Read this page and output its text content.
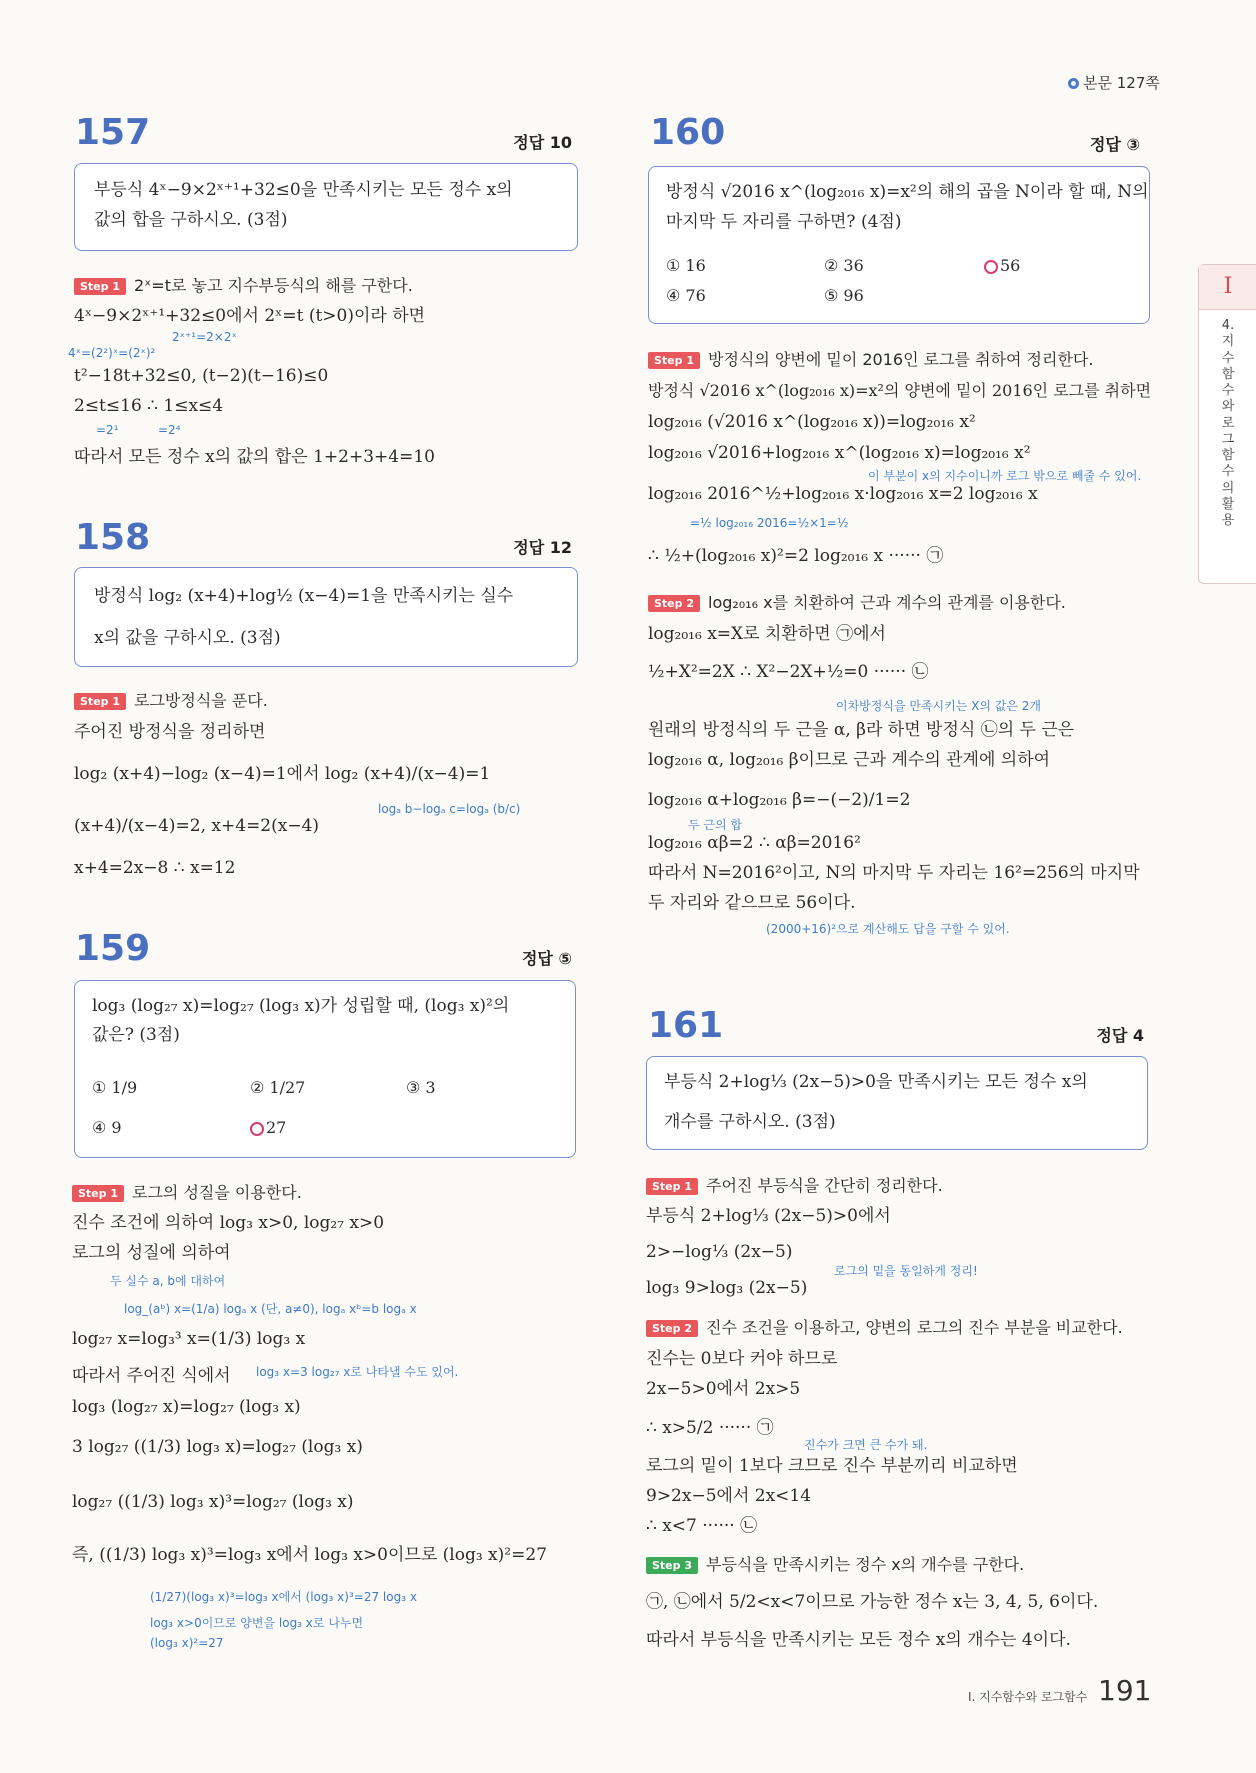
본문 127쪽
I
4.지수함수와로그함수의활용
157	정답 10
부등식 4ˣ−9×2ˣ⁺¹+32≤0을 만족시키는 모든 정수 x의
값의 합을 구하시오. (3점)
Step 1 2ˣ=t로 놓고 지수부등식의 해를 구한다.
4ˣ−9×2ˣ⁺¹+32≤0에서 2ˣ=t (t>0)이라 하면
2ˣ⁺¹=2×2ˣ
4ˣ=(2²)ˣ=(2ˣ)²
t²−18t+32≤0, (t−2)(t−16)≤0
2≤t≤16 ∴ 1≤x≤4
=2¹	=2⁴
따라서 모든 정수 x의 값의 합은 1+2+3+4=10
158	정답 12
방정식 log₂ (x+4)+log½ (x−4)=1을 만족시키는 실수
x의 값을 구하시오. (3점)
Step 1 로그방정식을 푼다.
주어진 방정식을 정리하면
log₂ (x+4)−log₂ (x−4)=1에서 log₂ (x+4)/(x−4)=1
logₐ b−logₐ c=logₐ (b/c)
(x+4)/(x−4)=2, x+4=2(x−4)
x+4=2x−8 ∴ x=12
159	정답 ⑤
log₃ (log₂₇ x)=log₂₇ (log₃ x)가 성립할 때, (log₃ x)²의
값은? (3점)
① 1/9	② 1/27	③ 3
④ 9	27
Step 1 로그의 성질을 이용한다.
진수 조건에 의하여 log₃ x>0, log₂₇ x>0
로그의 성질에 의하여
두 실수 a, b에 대하여
log_(aᵇ) x=(1/a) logₐ x (단, a≠0), logₐ xᵇ=b logₐ x
log₂₇ x=log₃³ x=(1/3) log₃ x
log₃ x=3 log₂₇ x로 나타낼 수도 있어.
따라서 주어진 식에서
log₃ (log₂₇ x)=log₂₇ (log₃ x)
3 log₂₇ ((1/3) log₃ x)=log₂₇ (log₃ x)
log₂₇ ((1/3) log₃ x)³=log₂₇ (log₃ x)
즉, ((1/3) log₃ x)³=log₃ x에서 log₃ x>0이므로 (log₃ x)²=27
(1/27)(log₃ x)³=log₃ x에서 (log₃ x)³=27 log₃ x
log₃ x>0이므로 양변을 log₃ x로 나누면
(log₃ x)²=27
160	정답 ③
방정식 √2016 x^(log₂₀₁₆ x)=x²의 해의 곱을 N이라 할 때, N의
마지막 두 자리를 구하면? (4점)
① 16	② 36	56
④ 76	⑤ 96
Step 1 방정식의 양변에 밑이 2016인 로그를 취하여 정리한다.
방정식 √2016 x^(log₂₀₁₆ x)=x²의 양변에 밑이 2016인 로그를 취하면
log₂₀₁₆ (√2016 x^(log₂₀₁₆ x))=log₂₀₁₆ x²
log₂₀₁₆ √2016+log₂₀₁₆ x^(log₂₀₁₆ x)=log₂₀₁₆ x²
이 부분이 x의 지수이니까 로그 밖으로 빼줄 수 있어.
log₂₀₁₆ 2016^½+log₂₀₁₆ x·log₂₀₁₆ x=2 log₂₀₁₆ x
=½ log₂₀₁₆ 2016=½×1=½
∴ ½+(log₂₀₁₆ x)²=2 log₂₀₁₆ x ······ ㉠
Step 2 log₂₀₁₆ x를 치환하여 근과 계수의 관계를 이용한다.
log₂₀₁₆ x=X로 치환하면 ㉠에서
½+X²=2X ∴ X²−2X+½=0 ······ ㉡
이차방정식을 만족시키는 X의 값은 2개
원래의 방정식의 두 근을 α, β라 하면 방정식 ㉡의 두 근은
log₂₀₁₆ α, log₂₀₁₆ β이므로 근과 계수의 관계에 의하여
log₂₀₁₆ α+log₂₀₁₆ β=−(−2)/1=2
두 근의 합
log₂₀₁₆ αβ=2 ∴ αβ=2016²
따라서 N=2016²이고, N의 마지막 두 자리는 16²=256의 마지막
두 자리와 같으므로 56이다.
(2000+16)²으로 계산해도 답을 구할 수 있어.
161	정답 4
부등식 2+log⅓ (2x−5)>0을 만족시키는 모든 정수 x의
개수를 구하시오. (3점)
Step 1 주어진 부등식을 간단히 정리한다.
부등식 2+log⅓ (2x−5)>0에서
2>−log⅓ (2x−5)
로그의 밑을 동일하게 정리!
log₃ 9>log₃ (2x−5)
Step 2 진수 조건을 이용하고, 양변의 로그의 진수 부분을 비교한다.
진수는 0보다 커야 하므로
2x−5>0에서 2x>5
∴ x>5/2 ······ ㉠
진수가 크면 큰 수가 돼.
로그의 밑이 1보다 크므로 진수 부분끼리 비교하면
9>2x−5에서 2x<14
∴ x<7 ······ ㉡
Step 3 부등식을 만족시키는 정수 x의 개수를 구한다.
㉠, ㉡에서 5/2<x<7이므로 가능한 정수 x는 3, 4, 5, 6이다.
따라서 부등식을 만족시키는 모든 정수 x의 개수는 4이다.
Ⅰ. 지수함수와 로그함수 191
